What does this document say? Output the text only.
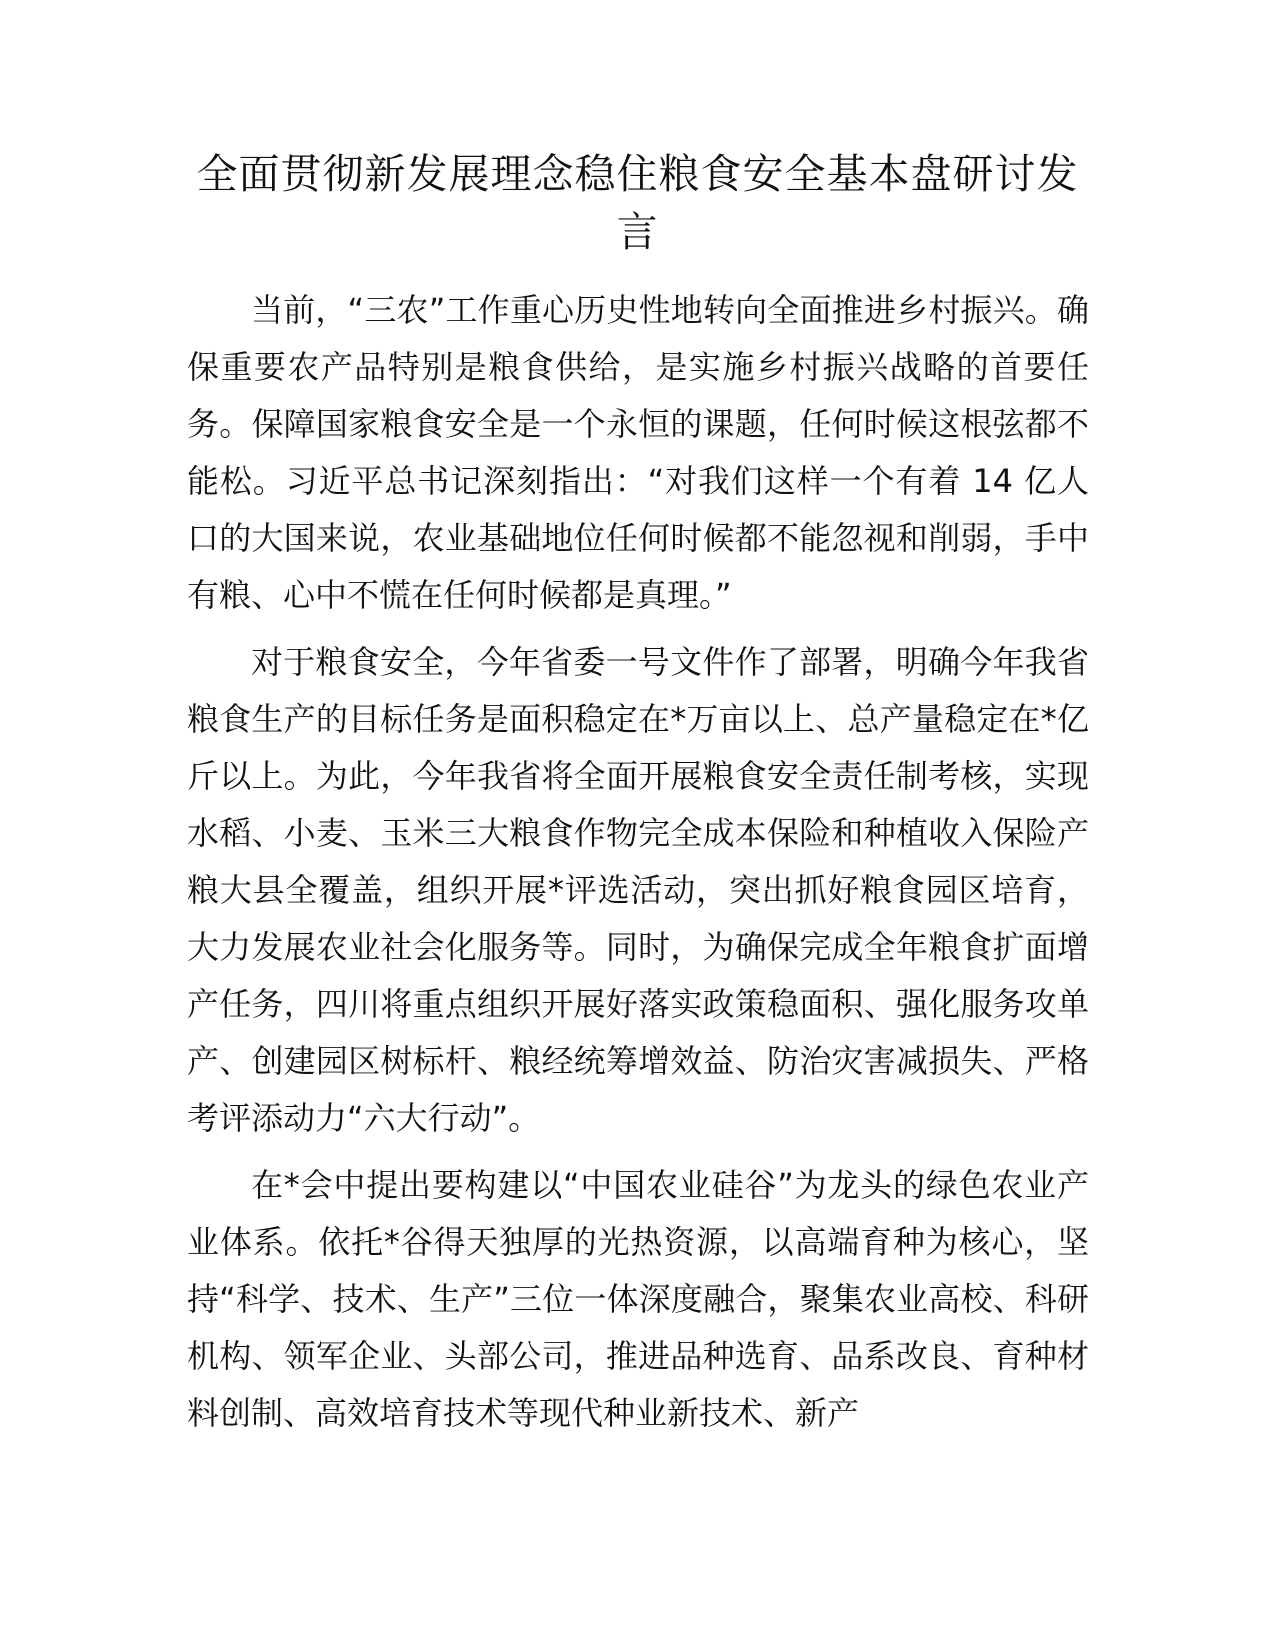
全面贯彻新发展理念稳住粮食安全基本盘研讨发言

当前，“三农”工作重心历史性地转向全面推进乡村振兴。确保重要农产品特别是粮食供给，是实施乡村振兴战略的首要任务。保障国家粮食安全是一个永恒的课题，任何时候这根弦都不能松。习近平总书记深刻指出：“对我们这样一个有着 14 亿人口的大国来说，农业基础地位任何时候都不能忽视和削弱，手中有粮、心中不慌在任何时候都是真理。”

对于粮食安全，今年省委一号文件作了部署，明确今年我省粮食生产的目标任务是面积稳定在*万亩以上、总产量稳定在*亿斤以上。为此，今年我省将全面开展粮食安全责任制考核，实现水稻、小麦、玉米三大粮食作物完全成本保险和种植收入保险产粮大县全覆盖，组织开展*评选活动，突出抓好粮食园区培育，大力发展农业社会化服务等。同时，为确保完成全年粮食扩面增产任务，四川将重点组织开展好落实政策稳面积、强化服务攻单产、创建园区树标杆、粮经统筹增效益、防治灾害减损失、严格考评添动力“六大行动”。

在*会中提出要构建以“中国农业硅谷”为龙头的绿色农业产业体系。依托*谷得天独厚的光热资源，以高端育种为核心，坚持“科学、技术、生产”三位一体深度融合，聚集农业高校、科研机构、领军企业、头部公司，推进品种选育、品系改良、育种材料创制、高效培育技术等现代种业新技术、新产
